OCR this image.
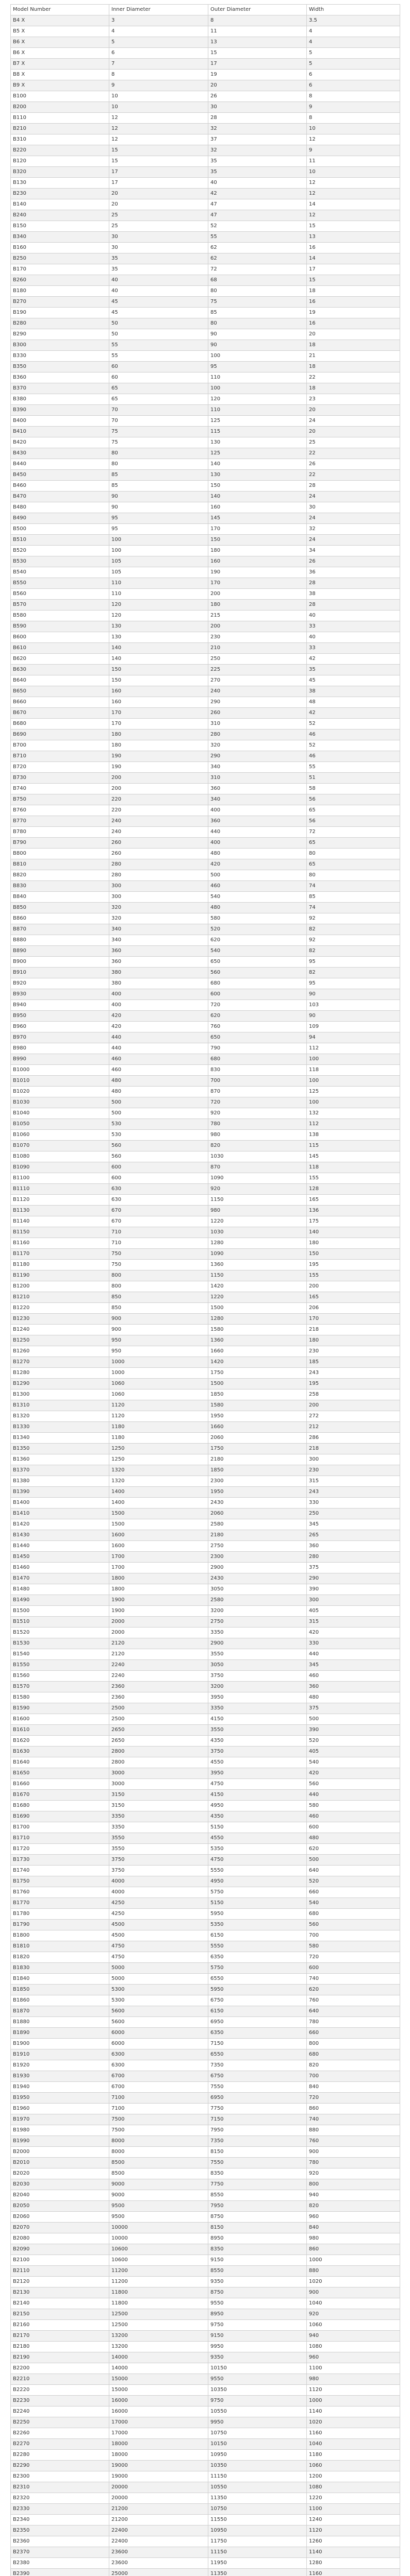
Model Number	Inner Diameter	Outer Diameter	Width
B4 X	3	8	3.5
B5 X	4	11	4
B6 X	5	13	4
B6 X	6	15	5
B7 X	7	17	5
B8 X	8	19	6
B9 X	9	20	6
B100	10	26	8
B200	10	30	9
B110	12	28	8
B210	12	32	10
B310	12	37	12
B220	15	32	9
B120	15	35	11
B320	17	35	10
B130	17	40	12
B230	20	42	12
B140	20	47	14
B240	25	47	12
B150	25	52	15
B340	30	55	13
B160	30	62	16
B250	35	62	14
B170	35	72	17
B260	40	68	15
B180	40	80	18
B270	45	75	16
B190	45	85	19
B280	50	80	16
B290	50	90	20
B300	55	90	18
B330	55	100	21
B350	60	95	18
B360	60	110	22
B370	65	100	18
B380	65	120	23
B390	70	110	20
B400	70	125	24
B410	75	115	20
B420	75	130	25
B430	80	125	22
B440	80	140	26
B450	85	130	22
B460	85	150	28
B470	90	140	24
B480	90	160	30
B490	95	145	24
B500	95	170	32
B510	100	150	24
B520	100	180	34
B530	105	160	26
B540	105	190	36
B550	110	170	28
B560	110	200	38
B570	120	180	28
B580	120	215	40
B590	130	200	33
B600	130	230	40
B610	140	210	33
B620	140	250	42
B630	150	225	35
B640	150	270	45
B650	160	240	38
B660	160	290	48
B670	170	260	42
B680	170	310	52
B690	180	280	46
B700	180	320	52
B710	190	290	46
B720	190	340	55
B730	200	310	51
B740	200	360	58
B750	220	340	56
B760	220	400	65
B770	240	360	56
B780	240	440	72
B790	260	400	65
B800	260	480	80
B810	280	420	65
B820	280	500	80
B830	300	460	74
B840	300	540	85
B850	320	480	74
B860	320	580	92
B870	340	520	82
B880	340	620	92
B890	360	540	82
B900	360	650	95
B910	380	560	82
B920	380	680	95
B930	400	600	90
B940	400	720	103
B950	420	620	90
B960	420	760	109
B970	440	650	94
B980	440	790	112
B990	460	680	100
B1000	460	830	118
B1010	480	700	100
B1020	480	870	125
B1030	500	720	100
B1040	500	920	132
B1050	530	780	112
B1060	530	980	138
B1070	560	820	115
B1080	560	1030	145
B1090	600	870	118
B1100	600	1090	155
B1110	630	920	128
B1120	630	1150	165
B1130	670	980	136
B1140	670	1220	175
B1150	710	1030	140
B1160	710	1280	180
B1170	750	1090	150
B1180	750	1360	195
B1190	800	1150	155
B1200	800	1420	200
B1210	850	1220	165
B1220	850	1500	206
B1230	900	1280	170
B1240	900	1580	218
B1250	950	1360	180
B1260	950	1660	230
B1270	1000	1420	185
B1280	1000	1750	243
B1290	1060	1500	195
B1300	1060	1850	258
B1310	1120	1580	200
B1320	1120	1950	272
B1330	1180	1660	212
B1340	1180	2060	286
B1350	1250	1750	218
B1360	1250	2180	300
B1370	1320	1850	230
B1380	1320	2300	315
B1390	1400	1950	243
B1400	1400	2430	330
B1410	1500	2060	250
B1420	1500	2580	345
B1430	1600	2180	265
B1440	1600	2750	360
B1450	1700	2300	280
B1460	1700	2900	375
B1470	1800	2430	290
B1480	1800	3050	390
B1490	1900	2580	300
B1500	1900	3200	405
B1510	2000	2750	315
B1520	2000	3350	420
B1530	2120	2900	330
B1540	2120	3550	440
B1550	2240	3050	345
B1560	2240	3750	460
B1570	2360	3200	360
B1580	2360	3950	480
B1590	2500	3350	375
B1600	2500	4150	500
B1610	2650	3550	390
B1620	2650	4350	520
B1630	2800	3750	405
B1640	2800	4550	540
B1650	3000	3950	420
B1660	3000	4750	560
B1670	3150	4150	440
B1680	3150	4950	580
B1690	3350	4350	460
B1700	3350	5150	600
B1710	3550	4550	480
B1720	3550	5350	620
B1730	3750	4750	500
B1740	3750	5550	640
B1750	4000	4950	520
B1760	4000	5750	660
B1770	4250	5150	540
B1780	4250	5950	680
B1790	4500	5350	560
B1800	4500	6150	700
B1810	4750	5550	580
B1820	4750	6350	720
B1830	5000	5750	600
B1840	5000	6550	740
B1850	5300	5950	620
B1860	5300	6750	760
B1870	5600	6150	640
B1880	5600	6950	780
B1890	6000	6350	660
B1900	6000	7150	800
B1910	6300	6550	680
B1920	6300	7350	820
B1930	6700	6750	700
B1940	6700	7550	840
B1950	7100	6950	720
B1960	7100	7750	860
B1970	7500	7150	740
B1980	7500	7950	880
B1990	8000	7350	760
B2000	8000	8150	900
B2010	8500	7550	780
B2020	8500	8350	920
B2030	9000	7750	800
B2040	9000	8550	940
B2050	9500	7950	820
B2060	9500	8750	960
B2070	10000	8150	840
B2080	10000	8950	980
B2090	10600	8350	860
B2100	10600	9150	1000
B2110	11200	8550	880
B2120	11200	9350	1020
B2130	11800	8750	900
B2140	11800	9550	1040
B2150	12500	8950	920
B2160	12500	9750	1060
B2170	13200	9150	940
B2180	13200	9950	1080
B2190	14000	9350	960
B2200	14000	10150	1100
B2210	15000	9550	980
B2220	15000	10350	1120
B2230	16000	9750	1000
B2240	16000	10550	1140
B2250	17000	9950	1020
B2260	17000	10750	1160
B2270	18000	10150	1040
B2280	18000	10950	1180
B2290	19000	10350	1060
B2300	19000	11150	1200
B2310	20000	10550	1080
B2320	20000	11350	1220
B2330	21200	10750	1100
B2340	21200	11550	1240
B2350	22400	10950	1120
B2360	22400	11750	1260
B2370	23600	11150	1140
B2380	23600	11950	1280
B2390	25000	11350	1160
